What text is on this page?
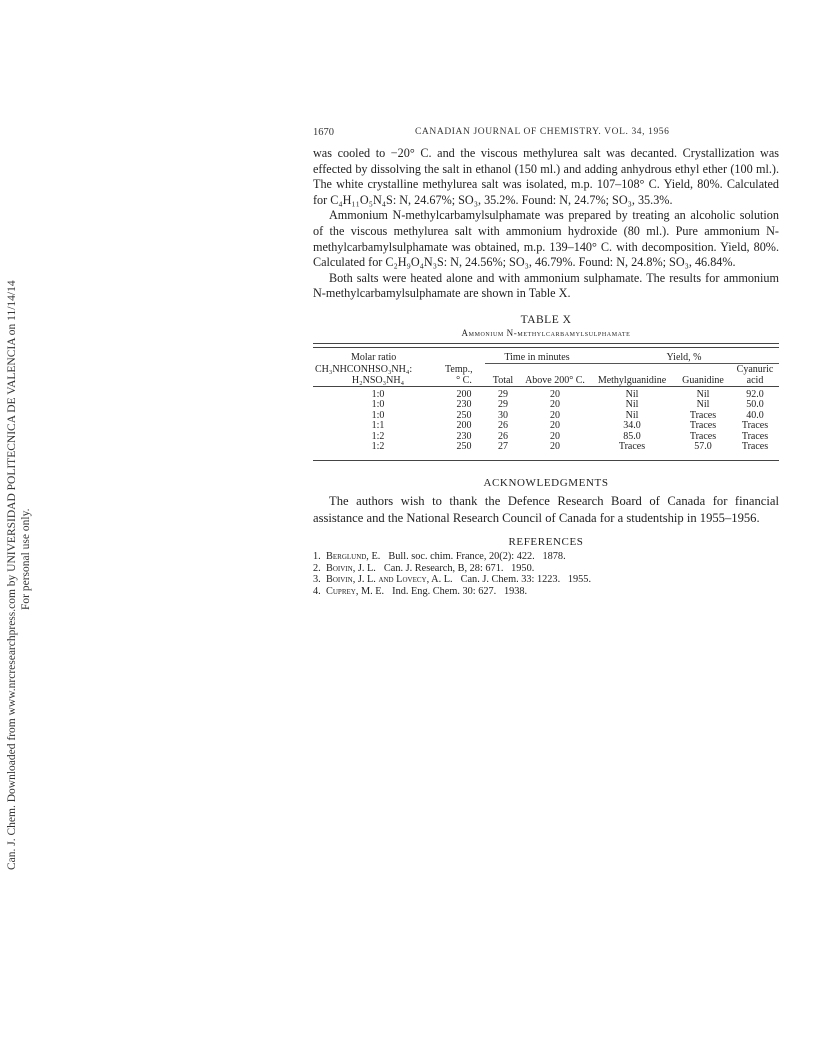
Can. J. Chem. Downloaded from www.nrcresearchpress.com by UNIVERSIDAD POLITECNICA DE VALENCIA on 11/14/14 For personal use only.
1670	CANADIAN JOURNAL OF CHEMISTRY. VOL. 34, 1956

was cooled to −20° C. and the viscous methylurea salt was decanted. Crystallization was effected by dissolving the salt in ethanol (150 ml.) and adding anhydrous ethyl ether (100 ml.). The white crystalline methylurea salt was isolated, m.p. 107–108° C. Yield, 80%. Calculated for C₄H₁₁O₅N₄S: N, 24.67%; SO₃, 35.2%. Found: N, 24.7%; SO₃, 35.3%.

Ammonium N-methylcarbamylsulphamate was prepared by treating an alcoholic solution of the viscous methylurea salt with ammonium hydroxide (80 ml.). Pure ammonium N-methylcarbamylsulphamate was obtained, m.p. 139–140° C. with decomposition. Yield, 80%. Calculated for C₂H₉O₄N₃S: N, 24.56%; SO₃, 46.79%. Found: N, 24.8%; SO₃, 46.84%.

Both salts were heated alone and with ammonium sulphamate. The results for ammonium N-methylcarbamylsulphamate are shown in Table X.

TABLE X
Ammonium N-methylcarbamylsulphamate

Molar ratio		Time in minutes		Yield, %		
CH₃NHCONHSO₃NH₄:	Temp.,					Cyanuric
H₂NSO₃NH₄	° C.	Total	Above 200° C.	Methylguanidine	Guanidine	acid

1:0	200	29	20	Nil	Nil	92.0
1:0	230	29	20	Nil	Nil	50.0
1:0	250	30	20	Nil	Traces	40.0
1:1	200	26	20	34.0	Traces	Traces
1:2	230	26	20	85.0	Traces	Traces
1:2	250	27	20	Traces	57.0	Traces

ACKNOWLEDGMENTS

The authors wish to thank the Defence Research Board of Canada for financial assistance and the National Research Council of Canada for a studentship in 1955–1956.

REFERENCES
1. Berglund, E. Bull. soc. chim. France, 20(2): 422.   1878.
2. Boivin, J. L. Can. J. Research, B, 28: 671.   1950.
3. Boivin, J. L. and Lovecy, A. L. Can. J. Chem. 33: 1223.   1955.
4. Cuprey, M. E. Ind. Eng. Chem. 30: 627.   1938.
